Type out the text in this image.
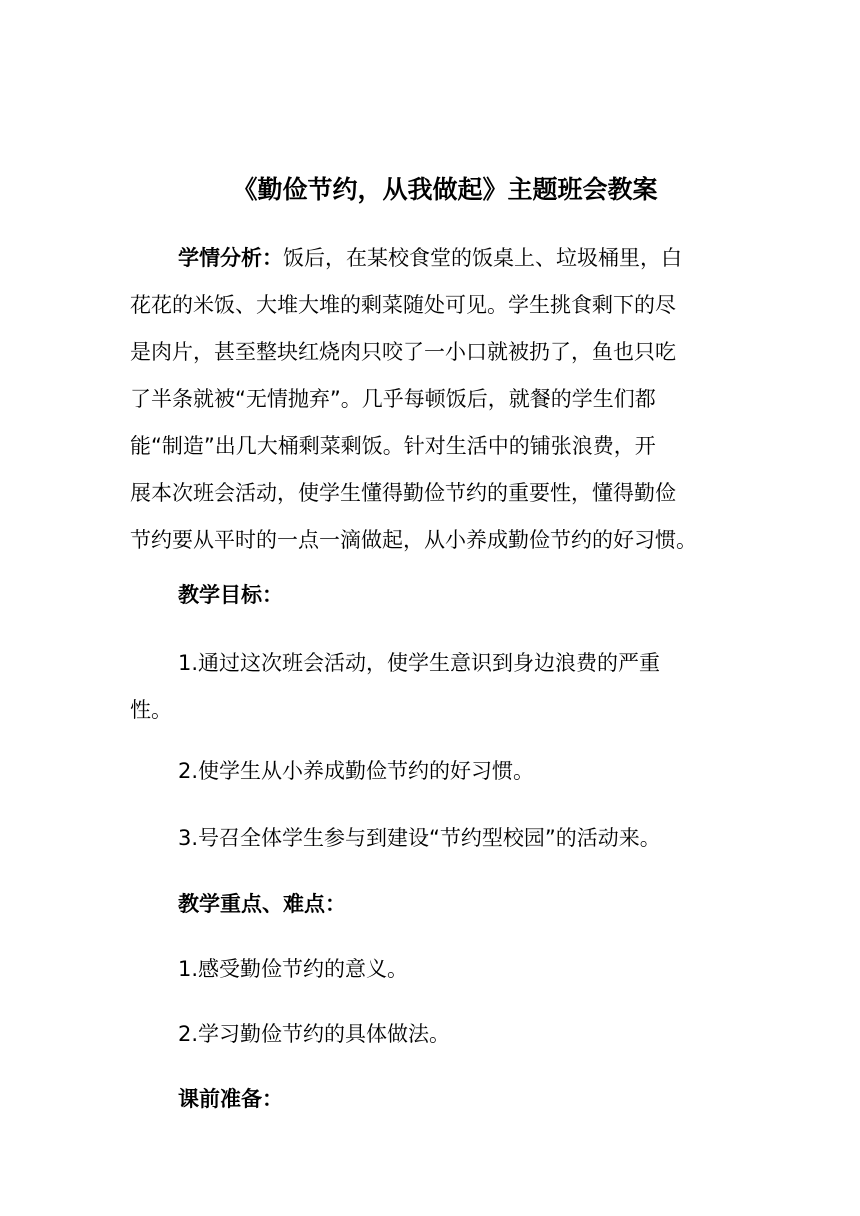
《勤俭节约，从我做起》主题班会教案
学情分析：饭后，在某校食堂的饭桌上、垃圾桶里，白
花花的米饭、大堆大堆的剩菜随处可见。学生挑食剩下的尽
是肉片，甚至整块红烧肉只咬了一小口就被扔了，鱼也只吃
了半条就被“无情抛弃”。几乎每顿饭后，就餐的学生们都
能“制造”出几大桶剩菜剩饭。针对生活中的铺张浪费，开
展本次班会活动，使学生懂得勤俭节约的重要性，懂得勤俭
节约要从平时的一点一滴做起，从小养成勤俭节约的好习惯。
教学目标：
1.通过这次班会活动，使学生意识到身边浪费的严重
性。
2.使学生从小养成勤俭节约的好习惯。
3.号召全体学生参与到建设“节约型校园”的活动来。
教学重点、难点：
1.感受勤俭节约的意义。
2.学习勤俭节约的具体做法。
课前准备：
